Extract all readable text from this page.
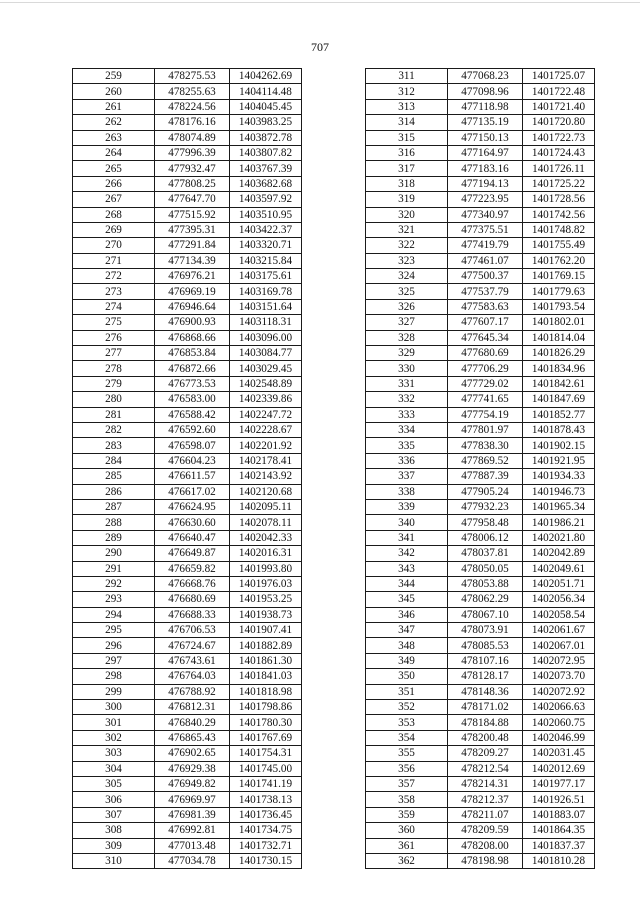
707
259	478275.53	1404262.69
260	478255.63	1404114.48
261	478224.56	1404045.45
262	478176.16	1403983.25
263	478074.89	1403872.78
264	477996.39	1403807.82
265	477932.47	1403767.39
266	477808.25	1403682.68
267	477647.70	1403597.92
268	477515.92	1403510.95
269	477395.31	1403422.37
270	477291.84	1403320.71
271	477134.39	1403215.84
272	476976.21	1403175.61
273	476969.19	1403169.78
274	476946.64	1403151.64
275	476900.93	1403118.31
276	476868.66	1403096.00
277	476853.84	1403084.77
278	476872.66	1403029.45
279	476773.53	1402548.89
280	476583.00	1402339.86
281	476588.42	1402247.72
282	476592.60	1402228.67
283	476598.07	1402201.92
284	476604.23	1402178.41
285	476611.57	1402143.92
286	476617.02	1402120.68
287	476624.95	1402095.11
288	476630.60	1402078.11
289	476640.47	1402042.33
290	476649.87	1402016.31
291	476659.82	1401993.80
292	476668.76	1401976.03
293	476680.69	1401953.25
294	476688.33	1401938.73
295	476706.53	1401907.41
296	476724.67	1401882.89
297	476743.61	1401861.30
298	476764.03	1401841.03
299	476788.92	1401818.98
300	476812.31	1401798.86
301	476840.29	1401780.30
302	476865.43	1401767.69
303	476902.65	1401754.31
304	476929.38	1401745.00
305	476949.82	1401741.19
306	476969.97	1401738.13
307	476981.39	1401736.45
308	476992.81	1401734.75
309	477013.48	1401732.71
310	477034.78	1401730.15
311	477068.23	1401725.07
312	477098.96	1401722.48
313	477118.98	1401721.40
314	477135.19	1401720.80
315	477150.13	1401722.73
316	477164.97	1401724.43
317	477183.16	1401726.11
318	477194.13	1401725.22
319	477223.95	1401728.56
320	477340.97	1401742.56
321	477375.51	1401748.82
322	477419.79	1401755.49
323	477461.07	1401762.20
324	477500.37	1401769.15
325	477537.79	1401779.63
326	477583.63	1401793.54
327	477607.17	1401802.01
328	477645.34	1401814.04
329	477680.69	1401826.29
330	477706.29	1401834.96
331	477729.02	1401842.61
332	477741.65	1401847.69
333	477754.19	1401852.77
334	477801.97	1401878.43
335	477838.30	1401902.15
336	477869.52	1401921.95
337	477887.39	1401934.33
338	477905.24	1401946.73
339	477932.23	1401965.34
340	477958.48	1401986.21
341	478006.12	1402021.80
342	478037.81	1402042.89
343	478050.05	1402049.61
344	478053.88	1402051.71
345	478062.29	1402056.34
346	478067.10	1402058.54
347	478073.91	1402061.67
348	478085.53	1402067.01
349	478107.16	1402072.95
350	478128.17	1402073.70
351	478148.36	1402072.92
352	478171.02	1402066.63
353	478184.88	1402060.75
354	478200.48	1402046.99
355	478209.27	1402031.45
356	478212.54	1402012.69
357	478214.31	1401977.17
358	478212.37	1401926.51
359	478211.07	1401883.07
360	478209.59	1401864.35
361	478208.00	1401837.37
362	478198.98	1401810.28
